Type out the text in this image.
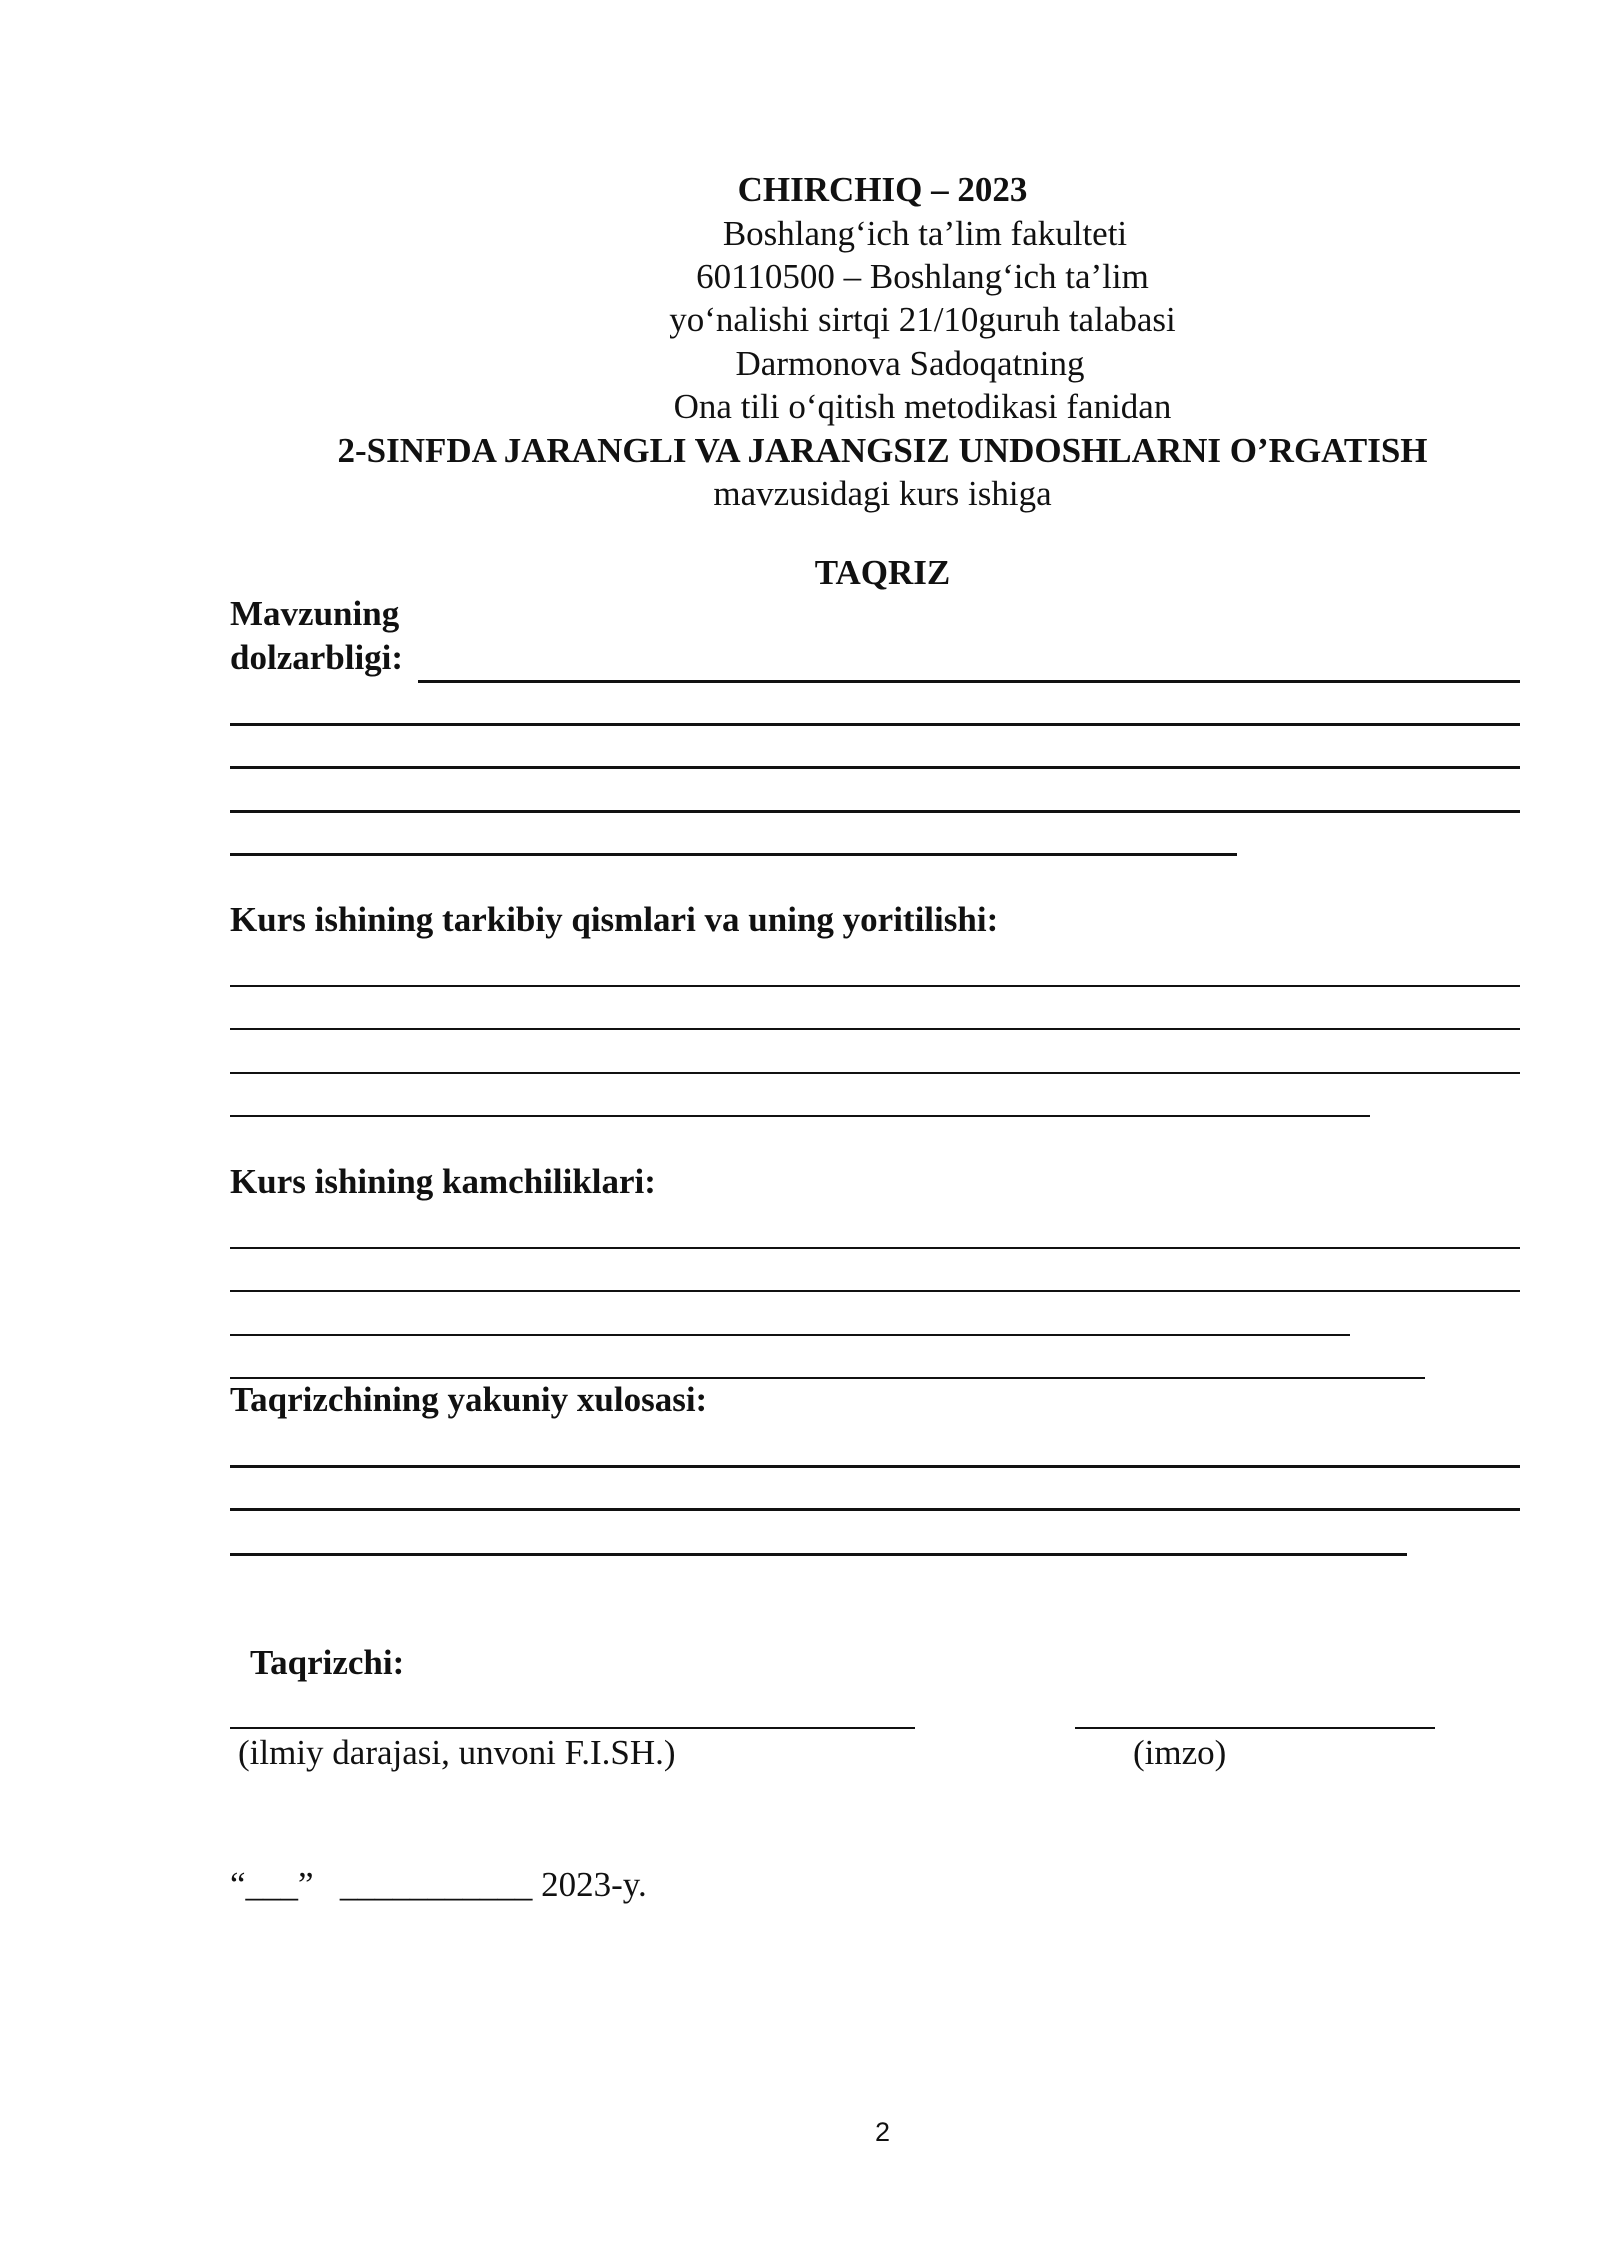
CHIRCHIQ – 2023
Boshlang‘ich ta’lim fakulteti
60110500 – Boshlang‘ich ta’lim
yo‘nalishi sirtqi 21/10guruh talabasi
Darmonova Sadoqatning
Ona tili o‘qitish metodikasi fanidan
2-SINFDA JARANGLI VA JARANGSIZ UNDOSHLARNI O’RGATISH
mavzusidagi kurs ishiga
TAQRIZ
Mavzuning
dolzarbligi:
Kurs ishining tarkibiy qismlari va uning yoritilishi:
Kurs ishining kamchiliklari:
Taqrizchining yakuniy xulosasi:
Taqrizchi:
(ilmiy darajasi, unvoni F.I.SH.)	(imzo)
“___”   ___________ 2023-y.
2
